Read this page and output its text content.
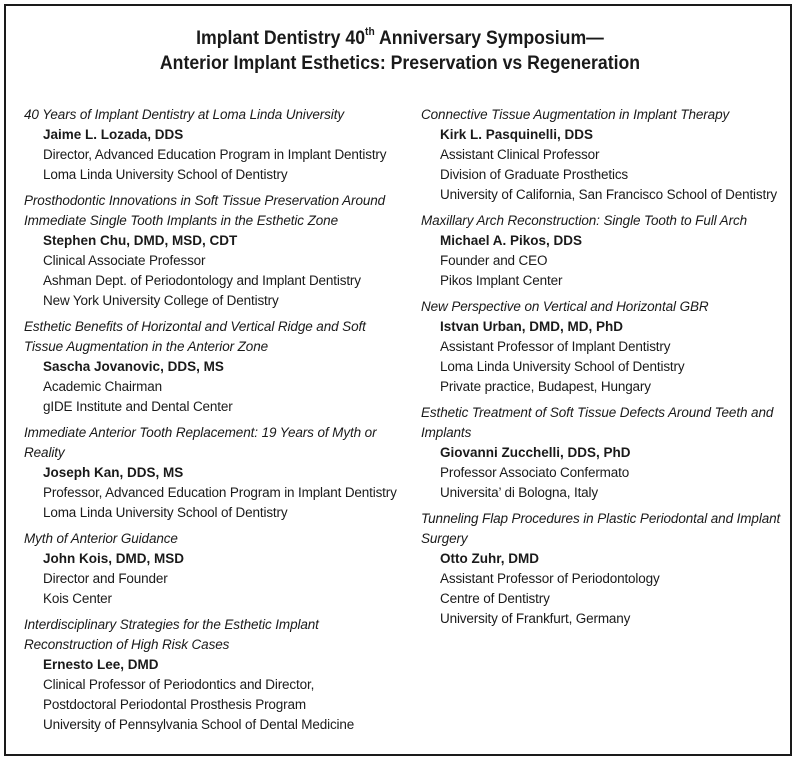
Implant Dentistry 40th Anniversary Symposium—
Anterior Implant Esthetics: Preservation vs Regeneration
40 Years of Implant Dentistry at Loma Linda University
Jaime L. Lozada, DDS
Director, Advanced Education Program in Implant Dentistry
Loma Linda University School of Dentistry
Prosthodontic Innovations in Soft Tissue Preservation Around Immediate Single Tooth Implants in the Esthetic Zone
Stephen Chu, DMD, MSD, CDT
Clinical Associate Professor
Ashman Dept. of Periodontology and Implant Dentistry
New York University College of Dentistry
Esthetic Benefits of Horizontal and Vertical Ridge and Soft Tissue Augmentation in the Anterior Zone
Sascha Jovanovic, DDS, MS
Academic Chairman
gIDE Institute and Dental Center
Immediate Anterior Tooth Replacement: 19 Years of Myth or Reality
Joseph Kan, DDS, MS
Professor, Advanced Education Program in Implant Dentistry
Loma Linda University School of Dentistry
Myth of Anterior Guidance
John Kois, DMD, MSD
Director and Founder
Kois Center
Interdisciplinary Strategies for the Esthetic Implant Reconstruction of High Risk Cases
Ernesto Lee, DMD
Clinical Professor of Periodontics and Director,
Postdoctoral Periodontal Prosthesis Program
University of Pennsylvania School of Dental Medicine
Connective Tissue Augmentation in Implant Therapy
Kirk L. Pasquinelli, DDS
Assistant Clinical Professor
Division of Graduate Prosthetics
University of California, San Francisco School of Dentistry
Maxillary Arch Reconstruction: Single Tooth to Full Arch
Michael A. Pikos, DDS
Founder and CEO
Pikos Implant Center
New Perspective on Vertical and Horizontal GBR
Istvan Urban, DMD, MD, PhD
Assistant Professor of Implant Dentistry
Loma Linda University School of Dentistry
Private practice, Budapest, Hungary
Esthetic Treatment of Soft Tissue Defects Around Teeth and Implants
Giovanni Zucchelli, DDS, PhD
Professor Associato Confermato
Universita’ di Bologna, Italy
Tunneling Flap Procedures in Plastic Periodontal and Implant Surgery
Otto Zuhr, DMD
Assistant Professor of Periodontology
Centre of Dentistry
University of Frankfurt, Germany
